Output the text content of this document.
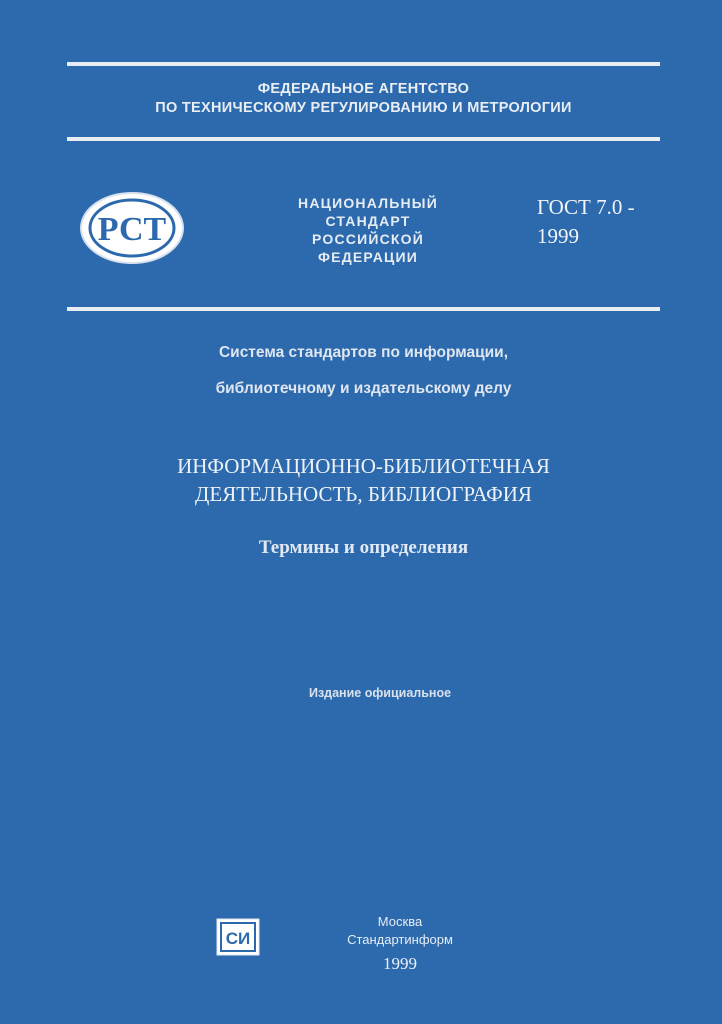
ФЕДЕРАЛЬНОЕ АГЕНТСТВО
ПО ТЕХНИЧЕСКОМУ РЕГУЛИРОВАНИЮ И МЕТРОЛОГИИ
РСТ
НАЦИОНАЛЬНЫЙ
СТАНДАРТ
РОССИЙСКОЙ
ФЕДЕРАЦИИ
ГОСТ 7.0 -
1999
Система стандартов по информации,
библиотечному и издательскому делу
ИНФОРМАЦИОННО-БИБЛИОТЕЧНАЯ
ДЕЯТЕЛЬНОСТЬ, БИБЛИОГРАФИЯ
Термины и определения
Издание официальное
СИ
Москва
Стандартинформ
1999
